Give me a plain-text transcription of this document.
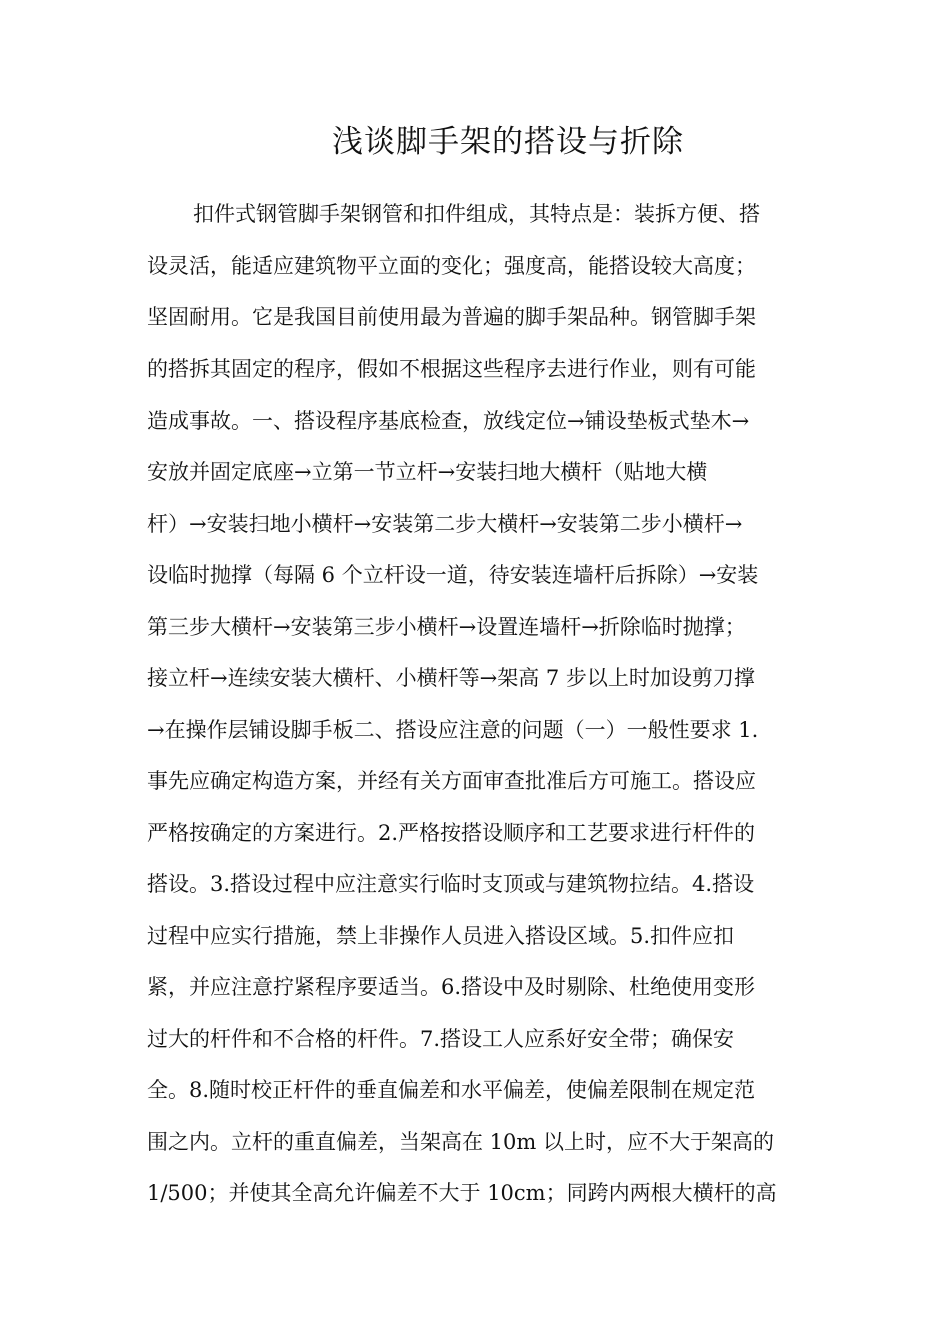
浅谈脚手架的搭设与折除
扣件式钢管脚手架钢管和扣件组成，其特点是：装拆方便、搭
设灵活，能适应建筑物平立面的变化；强度高，能搭设较大高度；
坚固耐用。它是我国目前使用最为普遍的脚手架品种。钢管脚手架
的搭拆其固定的程序，假如不根据这些程序去进行作业，则有可能
造成事故。一、搭设程序基底检查，放线定位→铺设垫板式垫木→
安放并固定底座→立第一节立杆→安装扫地大横杆（贴地大横
杆）→安装扫地小横杆→安装第二步大横杆→安装第二步小横杆→
设临时抛撑（每隔 6 个立杆设一道，待安装连墙杆后拆除）→安装
第三步大横杆→安装第三步小横杆→设置连墙杆→折除临时抛撑；
接立杆→连续安装大横杆、小横杆等→架高 7 步以上时加设剪刀撑
→在操作层铺设脚手板二、搭设应注意的问题（一）一般性要求 1.
事先应确定构造方案，并经有关方面审查批准后方可施工。搭设应
严格按确定的方案进行。2.严格按搭设顺序和工艺要求进行杆件的
搭设。3.搭设过程中应注意实行临时支顶或与建筑物拉结。4.搭设
过程中应实行措施，禁上非操作人员进入搭设区域。5.扣件应扣
紧，并应注意拧紧程序要适当。6.搭设中及时剔除、杜绝使用变形
过大的杆件和不合格的杆件。7.搭设工人应系好安全带；确保安
全。8.随时校正杆件的垂直偏差和水平偏差，使偏差限制在规定范
围之内。立杆的重直偏差，当架高在 10m 以上时，应不大于架高的
1/500；并使其全高允许偏差不大于 10cm；同跨内两根大横杆的高
